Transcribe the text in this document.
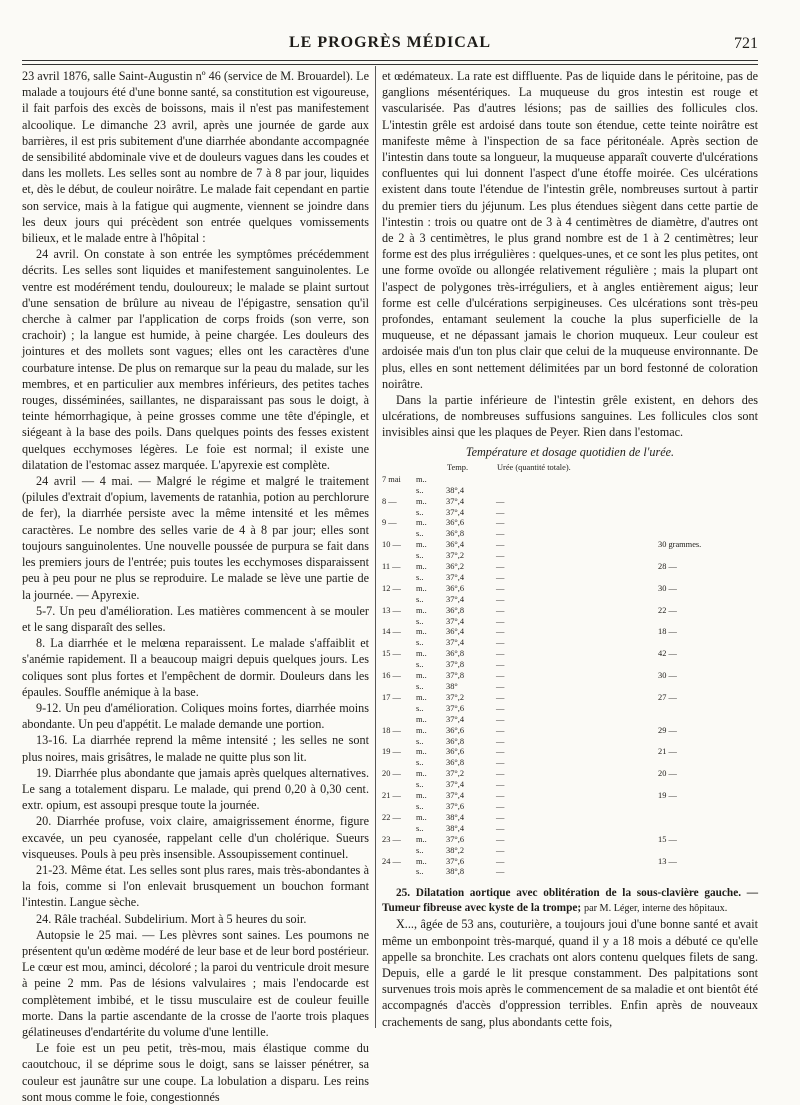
LE PROGRÈS MÉDICAL	721

23 avril 1876, salle Saint-Augustin nº 46 (service de M. Brouardel). Le malade a toujours été d'une bonne santé, sa constitution est vigoureuse, il fait parfois des excès de boissons, mais il n'est pas manifestement alcoolique. Le dimanche 23 avril, après une journée de garde aux barrières, il est pris subitement d'une diarrhée abondante accompagnée de sensibilité abdominale vive et de douleurs vagues dans les coudes et dans les mollets. Les selles sont au nombre de 7 à 8 par jour, liquides et, dès le début, de couleur noirâtre. Le malade fait cependant en partie son service, mais à la fatigue qui augmente, viennent se joindre dans les deux jours qui précèdent son entrée quelques vomissements bilieux, et le malade entre à l'hôpital :

24 avril. On constate à son entrée les symptômes précédemment décrits. Les selles sont liquides et manifestement sanguinolentes. Le ventre est modérément tendu, douloureux; le malade se plaint surtout d'une sensation de brûlure au niveau de l'épigastre, sensation qu'il cherche à calmer par l'application de corps froids (son verre, son crachoir) ; la langue est humide, à peine chargée. Les douleurs des jointures et des mollets sont vagues; elles ont les caractères d'une courbature intense. De plus on remarque sur la peau du malade, sur les membres, et en particulier aux membres inférieurs, des petites taches rouges, disséminées, saillantes, ne disparaissant pas sous le doigt, à teinte hémorrhagique, à peine grosses comme une tête d'épingle, et siégeant à la base des poils. Dans quelques points des fesses existent quelques ecchymoses légères. Le foie est normal; il existe une dilatation de l'estomac assez marquée. L'apyrexie est complète.

24 avril — 4 mai. — Malgré le régime et malgré le traitement (pilules d'extrait d'opium, lavements de ratanhia, potion au perchlorure de fer), la diarrhée persiste avec la même intensité et les mêmes caractères. Le nombre des selles varie de 4 à 8 par jour; elles sont toujours sanguinolentes. Une nouvelle poussée de purpura se fait dans les premiers jours de l'entrée; puis toutes les ecchymoses disparaissent peu à peu pour ne plus se reproduire. Le malade se lève une partie de la journée. — Apyrexie.

5-7. Un peu d'amélioration. Les matières commencent à se mouler et le sang disparaît des selles.

8. La diarrhée et le melœna reparaissent. Le malade s'affaiblit et s'anémie rapidement. Il a beaucoup maigri depuis quelques jours. Les coliques sont plus fortes et l'empêchent de dormir. Douleurs dans les épaules. Souffle anémique à la base.

9-12. Un peu d'amélioration. Coliques moins fortes, diarrhée moins abondante. Un peu d'appétit. Le malade demande une portion.

13-16. La diarrhée reprend la même intensité ; les selles ne sont plus noires, mais grisâtres, le malade ne quitte plus son lit.

19. Diarrhée plus abondante que jamais après quelques alternatives. Le sang a totalement disparu. Le malade, qui prend 0,20 à 0,30 cent. extr. opium, est assoupi presque toute la journée.

20. Diarrhée profuse, voix claire, amaigrissement énorme, figure excavée, un peu cyanosée, rappelant celle d'un cholérique. Sueurs visqueuses. Pouls à peu près insensible. Assoupissement continuel.

21-23. Même état. Les selles sont plus rares, mais très-abondantes à la fois, comme si l'on enlevait brusquement un bouchon formant l'intestin. Langue sèche.

24. Râle trachéal. Subdelirium. Mort à 5 heures du soir.

Autopsie le 25 mai. — Les plèvres sont saines. Les poumons ne présentent qu'un œdème modéré de leur base et de leur bord postérieur. Le cœur est mou, aminci, décoloré ; la paroi du ventricule droit mesure à peine 2 mm. Pas de lésions valvulaires ; mais l'endocarde est complètement imbibé, et le tissu musculaire est de couleur feuille morte. Dans la partie ascendante de la crosse de l'aorte trois plaques gélatineuses d'endartérite du volume d'une lentille.

Le foie est un peu petit, très-mou, mais élastique comme du caoutchouc, il se déprime sous le doigt, sans se laisser pénétrer, sa couleur est jaunâtre sur une coupe. La lobulation a disparu. Les reins sont mous comme le foie, congestionnés

et œdémateux. La rate est diffluente. Pas de liquide dans le péritoine, pas de ganglions mésentériques. La muqueuse du gros intestin est rouge et vascularisée. Pas d'autres lésions; pas de saillies des follicules clos. L'intestin grêle est ardoisé dans toute son étendue, cette teinte noirâtre est manifeste même à l'inspection de sa face péritonéale. Après section de l'intestin dans toute sa longueur, la muqueuse apparaît couverte d'ulcérations confluentes qui lui donnent l'aspect d'une étoffe moirée. Ces ulcérations existent dans toute l'étendue de l'intestin grêle, nombreuses surtout à partir du premier tiers du jéjunum. Les plus étendues siègent dans cette partie de l'intestin : trois ou quatre ont de 3 à 4 centimètres de diamètre, d'autres ont de 2 à 3 centimètres, le plus grand nombre est de 1 à 2 centimètres; leur forme est des plus irrégulières : quelques-unes, et ce sont les plus petites, ont une forme ovoïde ou allongée relativement régulière ; mais la plupart ont l'aspect de polygones très-irréguliers, et à angles entièrement aigus; leur forme est celle d'ulcérations serpigineuses. Ces ulcérations sont très-peu profondes, entamant seulement la couche la plus superficielle de la muqueuse, et ne dépassant jamais le chorion muqueux. Leur couleur est ardoisée mais d'un ton plus clair que celui de la muqueuse environnante. De plus, elles en sont nettement délimitées par un bord festonné de coloration noirâtre.

Dans la partie inférieure de l'intestin grêle existent, en dehors des ulcérations, de nombreuses suffusions sanguines. Les follicules clos sont invisibles ainsi que les plaques de Peyer. Rien dans l'estomac.

Température et dosage quotidien de l'urée.
		Temp.	Urée (quantité totale).	
7 mai	m..			
	s..	38°,4		
8 —	m..	37°,4	—	
	s..	37°,4	—	
9 —	m..	36°,6	—	
	s..	36°,8	—	
10 —	m..	36°,4	—	30 grammes.
	s..	37°,2	—	
11 —	m..	36°,2	—	28 —
	s..	37°,4	—	
12 —	m..	36°,6	—	30 —
	s..	37°,4	—	
13 —	m..	36°,8	—	22 —
	s..	37°,4	—	
14 —	m..	36°,4	—	18 —
	s..	37°,4	—	
15 —	m..	36°,8	—	42 —
	s..	37°,8	—	
16 —	m..	37°,8	—	30 —
	s..	38°	—	
17 —	m..	37°,2	—	27 —
	s..	37°,6	—	
	m..	37°,4	—	
18 —	m..	36°,6	—	29 —
	s..	36°,8	—	
19 —	m..	36°,6	—	21 —
	s..	36°,8	—	
20 —	m..	37°,2	—	20 —
	s..	37°,4	—	
21 —	m..	37°,4	—	19 —
	s..	37°,6	—	
22 —	m..	38°,4	—	
	s..	38°,4	—	
23 —	m..	37°,6	—	15 —
	s..	38°,2	—	
24 —	m..	37°,6	—	13 —
	s..	38°,8	—	
25. Dilatation aortique avec oblitération de la sous-clavière gauche. — Tumeur fibreuse avec kyste de la trompe; par M. Léger, interne des hôpitaux.

X..., âgée de 53 ans, couturière, a toujours joui d'une bonne santé et avait même un embonpoint très-marqué, quand il y a 18 mois a débuté ce qu'elle appelle sa bronchite. Les crachats ont alors contenu quelques filets de sang. Depuis, elle a gardé le lit presque constamment. Des palpitations sont survenues trois mois après le commencement de sa maladie et ont bientôt été accompagnés d'accès d'oppression terribles. Enfin après de nouveaux crachements de sang, plus abondants cette fois,
